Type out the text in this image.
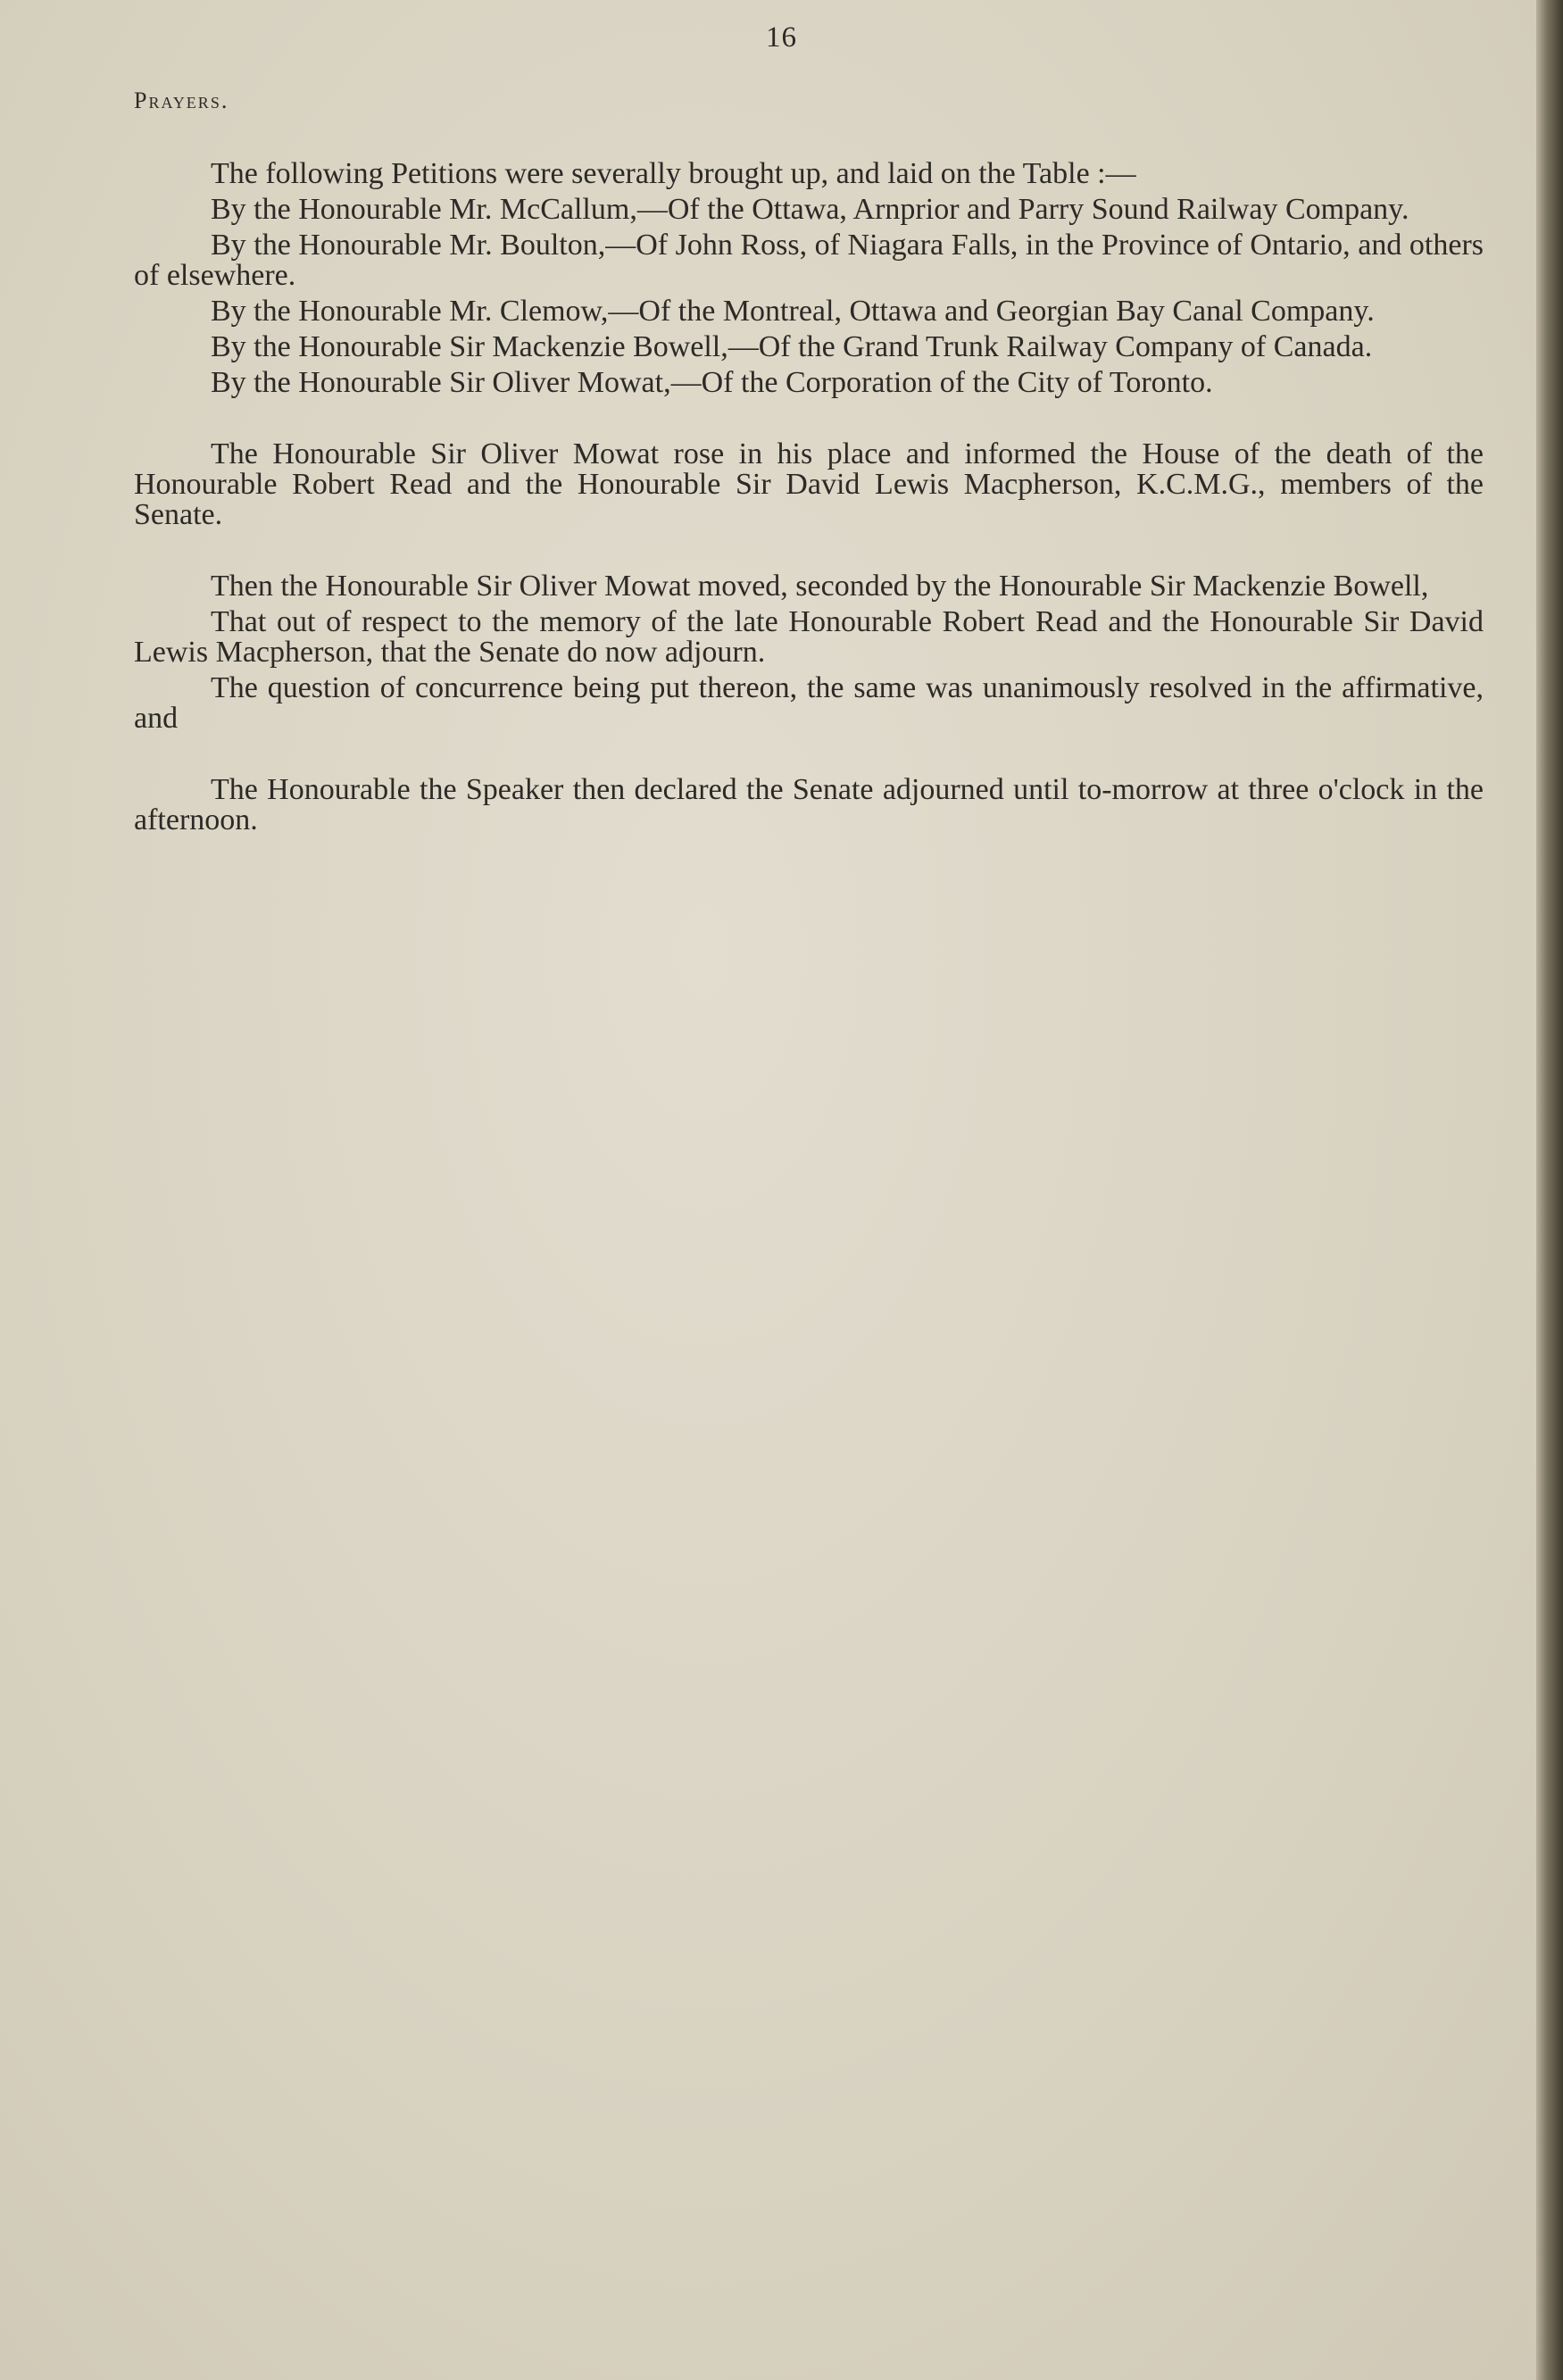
16
Prayers.

The following Petitions were severally brought up, and laid on the Table :—

By the Honourable Mr. McCallum,—Of the Ottawa, Arnprior and Parry Sound Railway Company.

By the Honourable Mr. Boulton,—Of John Ross, of Niagara Falls, in the Province of Ontario, and others of elsewhere.

By the Honourable Mr. Clemow,—Of the Montreal, Ottawa and Georgian Bay Canal Company.

By the Honourable Sir Mackenzie Bowell,—Of the Grand Trunk Railway Company of Canada.

By the Honourable Sir Oliver Mowat,—Of the Corporation of the City of Toronto.

The Honourable Sir Oliver Mowat rose in his place and informed the House of the death of the Honourable Robert Read and the Honourable Sir David Lewis Macpherson, K.C.M.G., members of the Senate.

Then the Honourable Sir Oliver Mowat moved, seconded by the Honourable Sir Mackenzie Bowell,

That out of respect to the memory of the late Honourable Robert Read and the Honourable Sir David Lewis Macpherson, that the Senate do now adjourn.

The question of concurrence being put thereon, the same was unanimously resolved in the affirmative, and

The Honourable the Speaker then declared the Senate adjourned until to-morrow at three o'clock in the afternoon.
